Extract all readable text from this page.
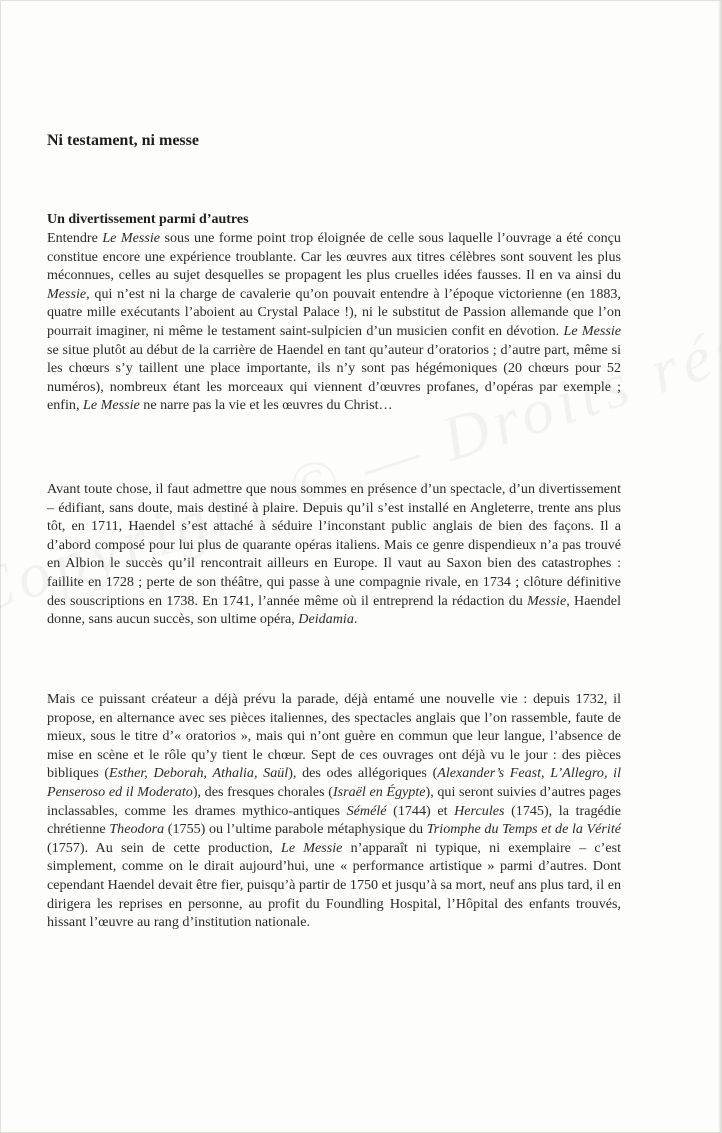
Ni testament, ni messe
Un divertissement parmi d’autres

Entendre Le Messie sous une forme point trop éloignée de celle sous laquelle l’ouvrage a été conçu constitue encore une expérience troublante. Car les œuvres aux titres célèbres sont souvent les plus méconnues, celles au sujet desquelles se propagent les plus cruelles idées fausses. Il en va ainsi du Messie, qui n’est ni la charge de cavalerie qu’on pouvait entendre à l’époque victorienne (en 1883, quatre mille exécutants l’aboient au Crystal Palace !), ni le substitut de Passion allemande que l’on pourrait imaginer, ni même le testament saint-sulpicien d’un musicien confit en dévotion. Le Messie se situe plutôt au début de la carrière de Haendel en tant qu’auteur d’oratorios ; d’autre part, même si les chœurs s’y taillent une place importante, ils n’y sont pas hégémoniques (20 chœurs pour 52 numéros), nombreux étant les morceaux qui viennent d’œuvres profanes, d’opéras par exemple ; enfin, Le Messie ne narre pas la vie et les œuvres du Christ…

Avant toute chose, il faut admettre que nous sommes en présence d’un spectacle, d’un divertissement – édifiant, sans doute, mais destiné à plaire. Depuis qu’il s’est installé en Angleterre, trente ans plus tôt, en 1711, Haendel s’est attaché à séduire l’inconstant public anglais de bien des façons. Il a d’abord composé pour lui plus de quarante opéras italiens. Mais ce genre dispendieux n’a pas trouvé en Albion le succès qu’il rencontrait ailleurs en Europe. Il vaut au Saxon bien des catastrophes : faillite en 1728 ; perte de son théâtre, qui passe à une compagnie rivale, en 1734 ; clôture définitive des souscriptions en 1738. En 1741, l’année même où il entreprend la rédaction du Messie, Haendel donne, sans aucun succès, son ultime opéra, Deidamia.

Mais ce puissant créateur a déjà prévu la parade, déjà entamé une nouvelle vie : depuis 1732, il propose, en alternance avec ses pièces italiennes, des spectacles anglais que l’on rassemble, faute de mieux, sous le titre d’« oratorios », mais qui n’ont guère en commun que leur langue, l’absence de mise en scène et le rôle qu’y tient le chœur. Sept de ces ouvrages ont déjà vu le jour : des pièces bibliques (Esther, Deborah, Athalia, Saül), des odes allégoriques (Alexander’s Feast, L’Allegro, il Penseroso ed il Moderato), des fresques chorales (Israël en Égypte), qui seront suivies d’autres pages inclassables, comme les drames mythico-antiques Sémélé (1744) et Hercules (1745), la tragédie chrétienne Theodora (1755) ou l’ultime parabole métaphysique du Triomphe du Temps et de la Vérité (1757). Au sein de cette production, Le Messie n’apparaît ni typique, ni exemplaire – c’est simplement, comme on le dirait aujourd’hui, une « performance artistique » parmi d’autres. Dont cependant Haendel devait être fier, puisqu’à partir de 1750 et jusqu’à sa mort, neuf ans plus tard, il en dirigera les reprises en personne, au profit du Foundling Hospital, l’Hôpital des enfants trouvés, hissant l’œuvre au rang d’institution nationale.
